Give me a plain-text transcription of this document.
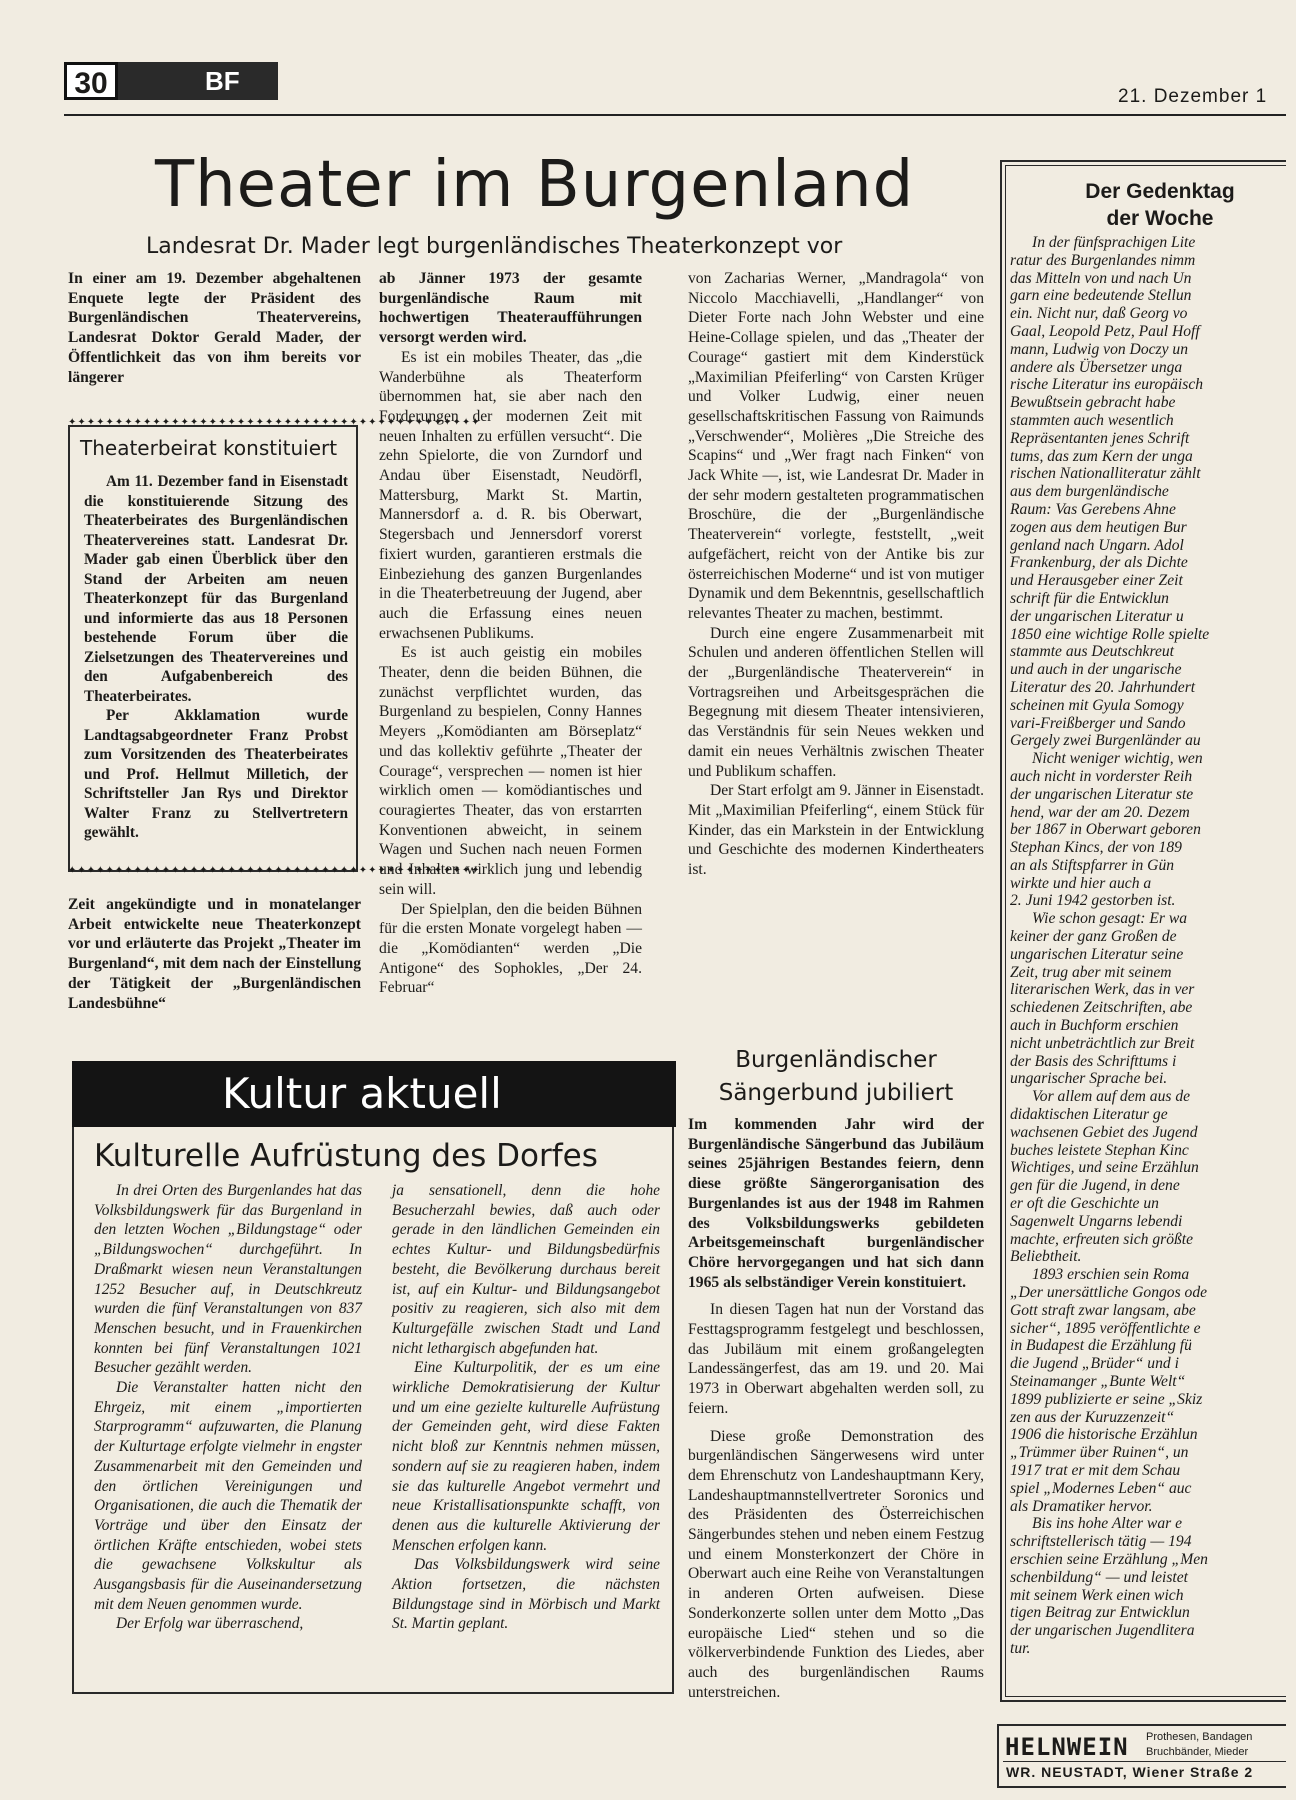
30	BF
21. Dezember 1
Theater im Burgenland
Landesrat Dr. Mader legt burgenländisches Theaterkonzept vor
In einer am 19. Dezember abgehaltenen Enquete legte der Präsident des Burgenländischen Theatervereins, Landesrat Doktor Gerald Mader, der Öffentlichkeit das von ihm bereits vor längerer
✦✦✦✦✦✦✦✦✦✦✦✦✦✦✦✦✦✦✦✦✦✦✦✦✦✦✦✦✦✦✦✦✦✦✦✦✦✦✦✦✦✦✦✦
✦✦✦✦✦✦✦✦✦✦✦✦✦✦✦✦✦✦✦✦✦✦✦✦✦✦✦✦✦✦✦✦✦✦✦✦✦✦✦✦✦✦✦✦
Theaterbeirat konstituiert

Am 11. Dezember fand in Eisenstadt die konstituierende Sitzung des Theaterbeirates des Burgenländischen Theatervereines statt. Landesrat Dr. Mader gab einen Überblick über den Stand der Arbeiten am neuen Theaterkonzept für das Burgenland und informierte das aus 18 Personen bestehende Forum über die Zielsetzungen des Theatervereines und den Aufgabenbereich des Theaterbeirates.

Per Akklamation wurde Landtagsabgeordneter Franz Probst zum Vorsitzenden des Theaterbeirates und Prof. Hellmut Milletich, der Schriftsteller Jan Rys und Direktor Walter Franz zu Stellvertretern gewählt.

Zeit angekündigte und in monatelanger Arbeit entwickelte neue Theaterkonzept vor und erläuterte das Projekt „Theater im Burgenland“, mit dem nach der Einstellung der Tätigkeit der „Burgenländischen Landesbühne“

ab Jänner 1973 der gesamte burgenländische Raum mit hochwertigen Theateraufführungen versorgt werden wird.

Es ist ein mobiles Theater, das „die Wanderbühne als Theaterform übernommen hat, sie aber nach den Forderungen der modernen Zeit mit neuen Inhalten zu erfüllen versucht“. Die zehn Spielorte, die von Zurndorf und Andau über Eisenstadt, Neudörfl, Mattersburg, Markt St. Martin, Mannersdorf a. d. R. bis Oberwart, Stegersbach und Jennersdorf vorerst fixiert wurden, garantieren erstmals die Einbeziehung des ganzen Burgenlandes in die Theaterbetreuung der Jugend, aber auch die Erfassung eines neuen erwachsenen Publikums.

Es ist auch geistig ein mobiles Theater, denn die beiden Bühnen, die zunächst verpflichtet wurden, das Burgenland zu bespielen, Conny Hannes Meyers „Komödianten am Börseplatz“ und das kollektiv geführte „Theater der Courage“, versprechen — nomen ist hier wirklich omen — komödiantisches und couragiertes Theater, das von erstarrten Konventionen abweicht, in seinem Wagen und Suchen nach neuen Formen und Inhalten wirklich jung und lebendig sein will.

Der Spielplan, den die beiden Bühnen für die ersten Monate vorgelegt haben — die „Komödianten“ werden „Die Antigone“ des Sophokles, „Der 24. Februar“

von Zacharias Werner, „Mandragola“ von Niccolo Macchiavelli, „Handlanger“ von Dieter Forte nach John Webster und eine Heine-Collage spielen, und das „Theater der Courage“ gastiert mit dem Kinderstück „Maximilian Pfeiferling“ von Carsten Krüger und Volker Ludwig, einer neuen gesellschaftskritischen Fassung von Raimunds „Verschwender“, Molières „Die Streiche des Scapins“ und „Wer fragt nach Finken“ von Jack White —, ist, wie Landesrat Dr. Mader in der sehr modern gestalteten programmatischen Broschüre, die der „Burgenländische Theaterverein“ vorlegte, feststellt, „weit aufgefächert, reicht von der Antike bis zur österreichischen Moderne“ und ist von mutiger Dynamik und dem Bekenntnis, gesellschaftlich relevantes Theater zu machen, bestimmt.

Durch eine engere Zusammenarbeit mit Schulen und anderen öffentlichen Stellen will der „Burgenländische Theaterverein“ in Vortragsreihen und Arbeitsgesprächen die Begegnung mit diesem Theater intensivieren, das Verständnis für sein Neues wekken und damit ein neues Verhältnis zwischen Theater und Publikum schaffen.

Der Start erfolgt am 9. Jänner in Eisenstadt. Mit „Maximilian Pfeiferling“, einem Stück für Kinder, das ein Markstein in der Entwicklung und Geschichte des modernen Kindertheaters ist.

Kultur aktuell
Kulturelle Aufrüstung des Dorfes

In drei Orten des Burgenlandes hat das Volksbildungswerk für das Burgenland in den letzten Wochen „Bildungstage“ oder „Bildungswochen“ durchgeführt. In Draßmarkt wiesen neun Veranstaltungen 1252 Besucher auf, in Deutschkreutz wurden die fünf Veranstaltungen von 837 Menschen besucht, und in Frauenkirchen konnten bei fünf Veranstaltungen 1021 Besucher gezählt werden.

Die Veranstalter hatten nicht den Ehrgeiz, mit einem „importierten Starprogramm“ aufzuwarten, die Planung der Kulturtage erfolgte vielmehr in engster Zusammenarbeit mit den Gemeinden und den örtlichen Vereinigungen und Organisationen, die auch die Thematik der Vorträge und über den Einsatz der örtlichen Kräfte entschieden, wobei stets die gewachsene Volkskultur als Ausgangsbasis für die Auseinandersetzung mit dem Neuen genommen wurde.

Der Erfolg war überraschend,

ja sensationell, denn die hohe Besucherzahl bewies, daß auch oder gerade in den ländlichen Gemeinden ein echtes Kultur- und Bildungsbedürfnis besteht, die Bevölkerung durchaus bereit ist, auf ein Kultur- und Bildungsangebot positiv zu reagieren, sich also mit dem Kulturgefälle zwischen Stadt und Land nicht lethargisch abgefunden hat.

Eine Kulturpolitik, der es um eine wirkliche Demokratisierung der Kultur und um eine gezielte kulturelle Aufrüstung der Gemeinden geht, wird diese Fakten nicht bloß zur Kenntnis nehmen müssen, sondern auf sie zu reagieren haben, indem sie das kulturelle Angebot vermehrt und neue Kristallisationspunkte schafft, von denen aus die kulturelle Aktivierung der Menschen erfolgen kann.

Das Volksbildungswerk wird seine Aktion fortsetzen, die nächsten Bildungstage sind in Mörbisch und Markt St. Martin geplant.

Burgenländischer
Sängerbund jubiliert

Im kommenden Jahr wird der Burgenländische Sängerbund das Jubiläum seines 25jährigen Bestandes feiern, denn diese größte Sängerorganisation des Burgenlandes ist aus der 1948 im Rahmen des Volksbildungswerks gebildeten Arbeitsgemeinschaft burgenländischer Chöre hervorgegangen und hat sich dann 1965 als selbständiger Verein konstituiert.

In diesen Tagen hat nun der Vorstand das Festtagsprogramm festgelegt und beschlossen, das Jubiläum mit einem großangelegten Landessängerfest, das am 19. und 20. Mai 1973 in Oberwart abgehalten werden soll, zu feiern.

Diese große Demonstration des burgenländischen Sängerwesens wird unter dem Ehrenschutz von Landeshauptmann Kery, Landeshauptmannstellvertreter Soronics und des Präsidenten des Österreichischen Sängerbundes stehen und neben einem Festzug und einem Monsterkonzert der Chöre in Oberwart auch eine Reihe von Veranstaltungen in anderen Orten aufweisen. Diese Sonderkonzerte sollen unter dem Motto „Das europäische Lied“ stehen und so die völkerverbindende Funktion des Liedes, aber auch des burgenländischen Raums unterstreichen.

Der Gedenktag
der Woche
In der fünfsprachigen Lite
ratur des Burgenlandes nimm
das Mitteln von und nach Un
garn eine bedeutende Stellun
ein. Nicht nur, daß Georg vo
Gaal, Leopold Petz, Paul Hoff
mann, Ludwig von Doczy un
andere als Übersetzer unga
rische Literatur ins europäisch
Bewußtsein gebracht habe
stammten auch wesentlich
Repräsentanten jenes Schrift
tums, das zum Kern der unga
rischen Nationalliteratur zählt
aus dem burgenländische
Raum: Vas Gerebens Ahne
zogen aus dem heutigen Bur
genland nach Ungarn. Adol
Frankenburg, der als Dichte
und Herausgeber einer Zeit
schrift für die Entwicklun
der ungarischen Literatur u
1850 eine wichtige Rolle spielte
stammte aus Deutschkreut
und auch in der ungarische
Literatur des 20. Jahrhundert
scheinen mit Gyula Somogy
vari-Freißberger und Sando
Gergely zwei Burgenländer au
Nicht weniger wichtig, wen
auch nicht in vorderster Reih
der ungarischen Literatur ste
hend, war der am 20. Dezem
ber 1867 in Oberwart geboren
Stephan Kincs, der von 189
an als Stiftspfarrer in Gün
wirkte und hier auch a
2. Juni 1942 gestorben ist.
Wie schon gesagt: Er wa
keiner der ganz Großen de
ungarischen Literatur seine
Zeit, trug aber mit seinem
literarischen Werk, das in ver
schiedenen Zeitschriften, abe
auch in Buchform erschien
nicht unbeträchtlich zur Breit
der Basis des Schrifttums i
ungarischer Sprache bei.
Vor allem auf dem aus de
didaktischen Literatur ge
wachsenen Gebiet des Jugend
buches leistete Stephan Kinc
Wichtiges, und seine Erzählun
gen für die Jugend, in dene
er oft die Geschichte un
Sagenwelt Ungarns lebendi
machte, erfreuten sich größte
Beliebtheit.
1893 erschien sein Roma
„Der unersättliche Gongos ode
Gott straft zwar langsam, abe
sicher“, 1895 veröffentlichte e
in Budapest die Erzählung fü
die Jugend „Brüder“ und i
Steinamanger „Bunte Welt“
1899 publizierte er seine „Skiz
zen aus der Kuruzzenzeit“
1906 die historische Erzählun
„Trümmer über Ruinen“, un
1917 trat er mit dem Schau
spiel „Modernes Leben“ auc
als Dramatiker hervor.
Bis ins hohe Alter war e
schriftstellerisch tätig — 194
erschien seine Erzählung „Men
schenbildung“ — und leistet
mit seinem Werk einen wich
tigen Beitrag zur Entwicklun
der ungarischen Jugendlitera
tur.
HELNWEIN Prothesen, Bandagen
Bruchbänder, Mieder
WR. NEUSTADT, Wiener Straße 2
